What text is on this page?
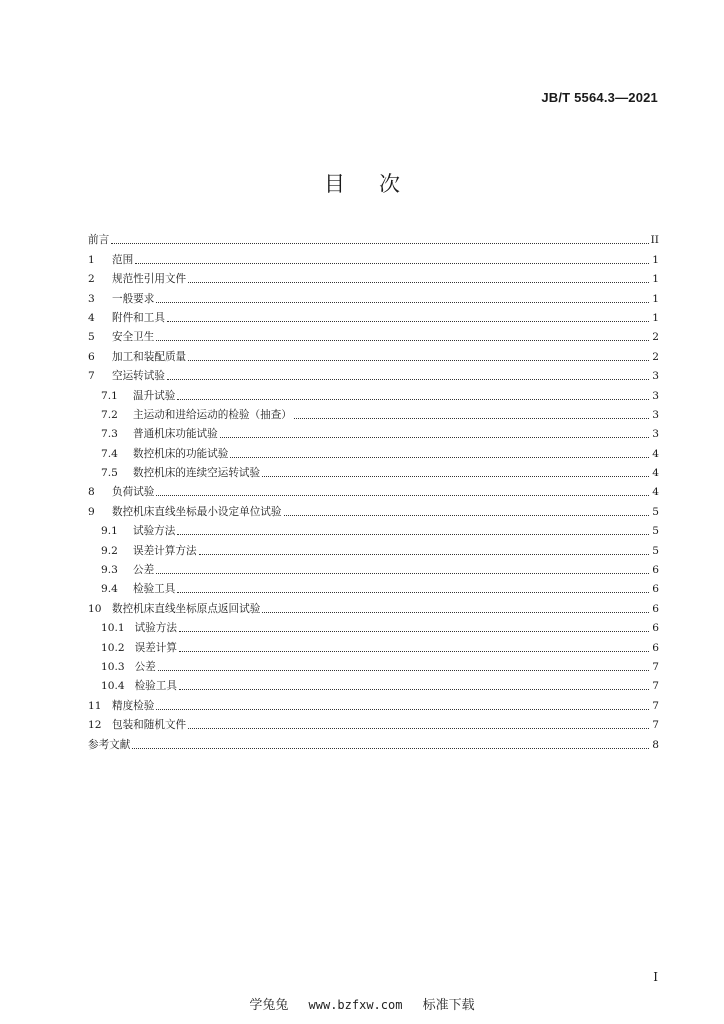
JB/T 5564.3—2021
目次
前言	II
1	范围	1
2	规范性引用文件	1
3	一般要求	1
4	附件和工具	1
5	安全卫生	2
6	加工和装配质量	2
7	空运转试验	3
7.1	温升试验	3
7.2	主运动和进给运动的检验（抽查）	3
7.3	普通机床功能试验	3
7.4	数控机床的功能试验	4
7.5	数控机床的连续空运转试验	4
8	负荷试验	4
9	数控机床直线坐标最小设定单位试验	5
9.1	试验方法	5
9.2	误差计算方法	5
9.3	公差	6
9.4	检验工具	6
10 数控机床直线坐标原点返回试验	6
10.1 试验方法	6
10.2 误差计算	6
10.3 公差	7
10.4 检验工具	7
11 精度检验	7
12 包装和随机文件	7
参考文献	8
I
学兔兔 www.bzfxw.com 标准下载
